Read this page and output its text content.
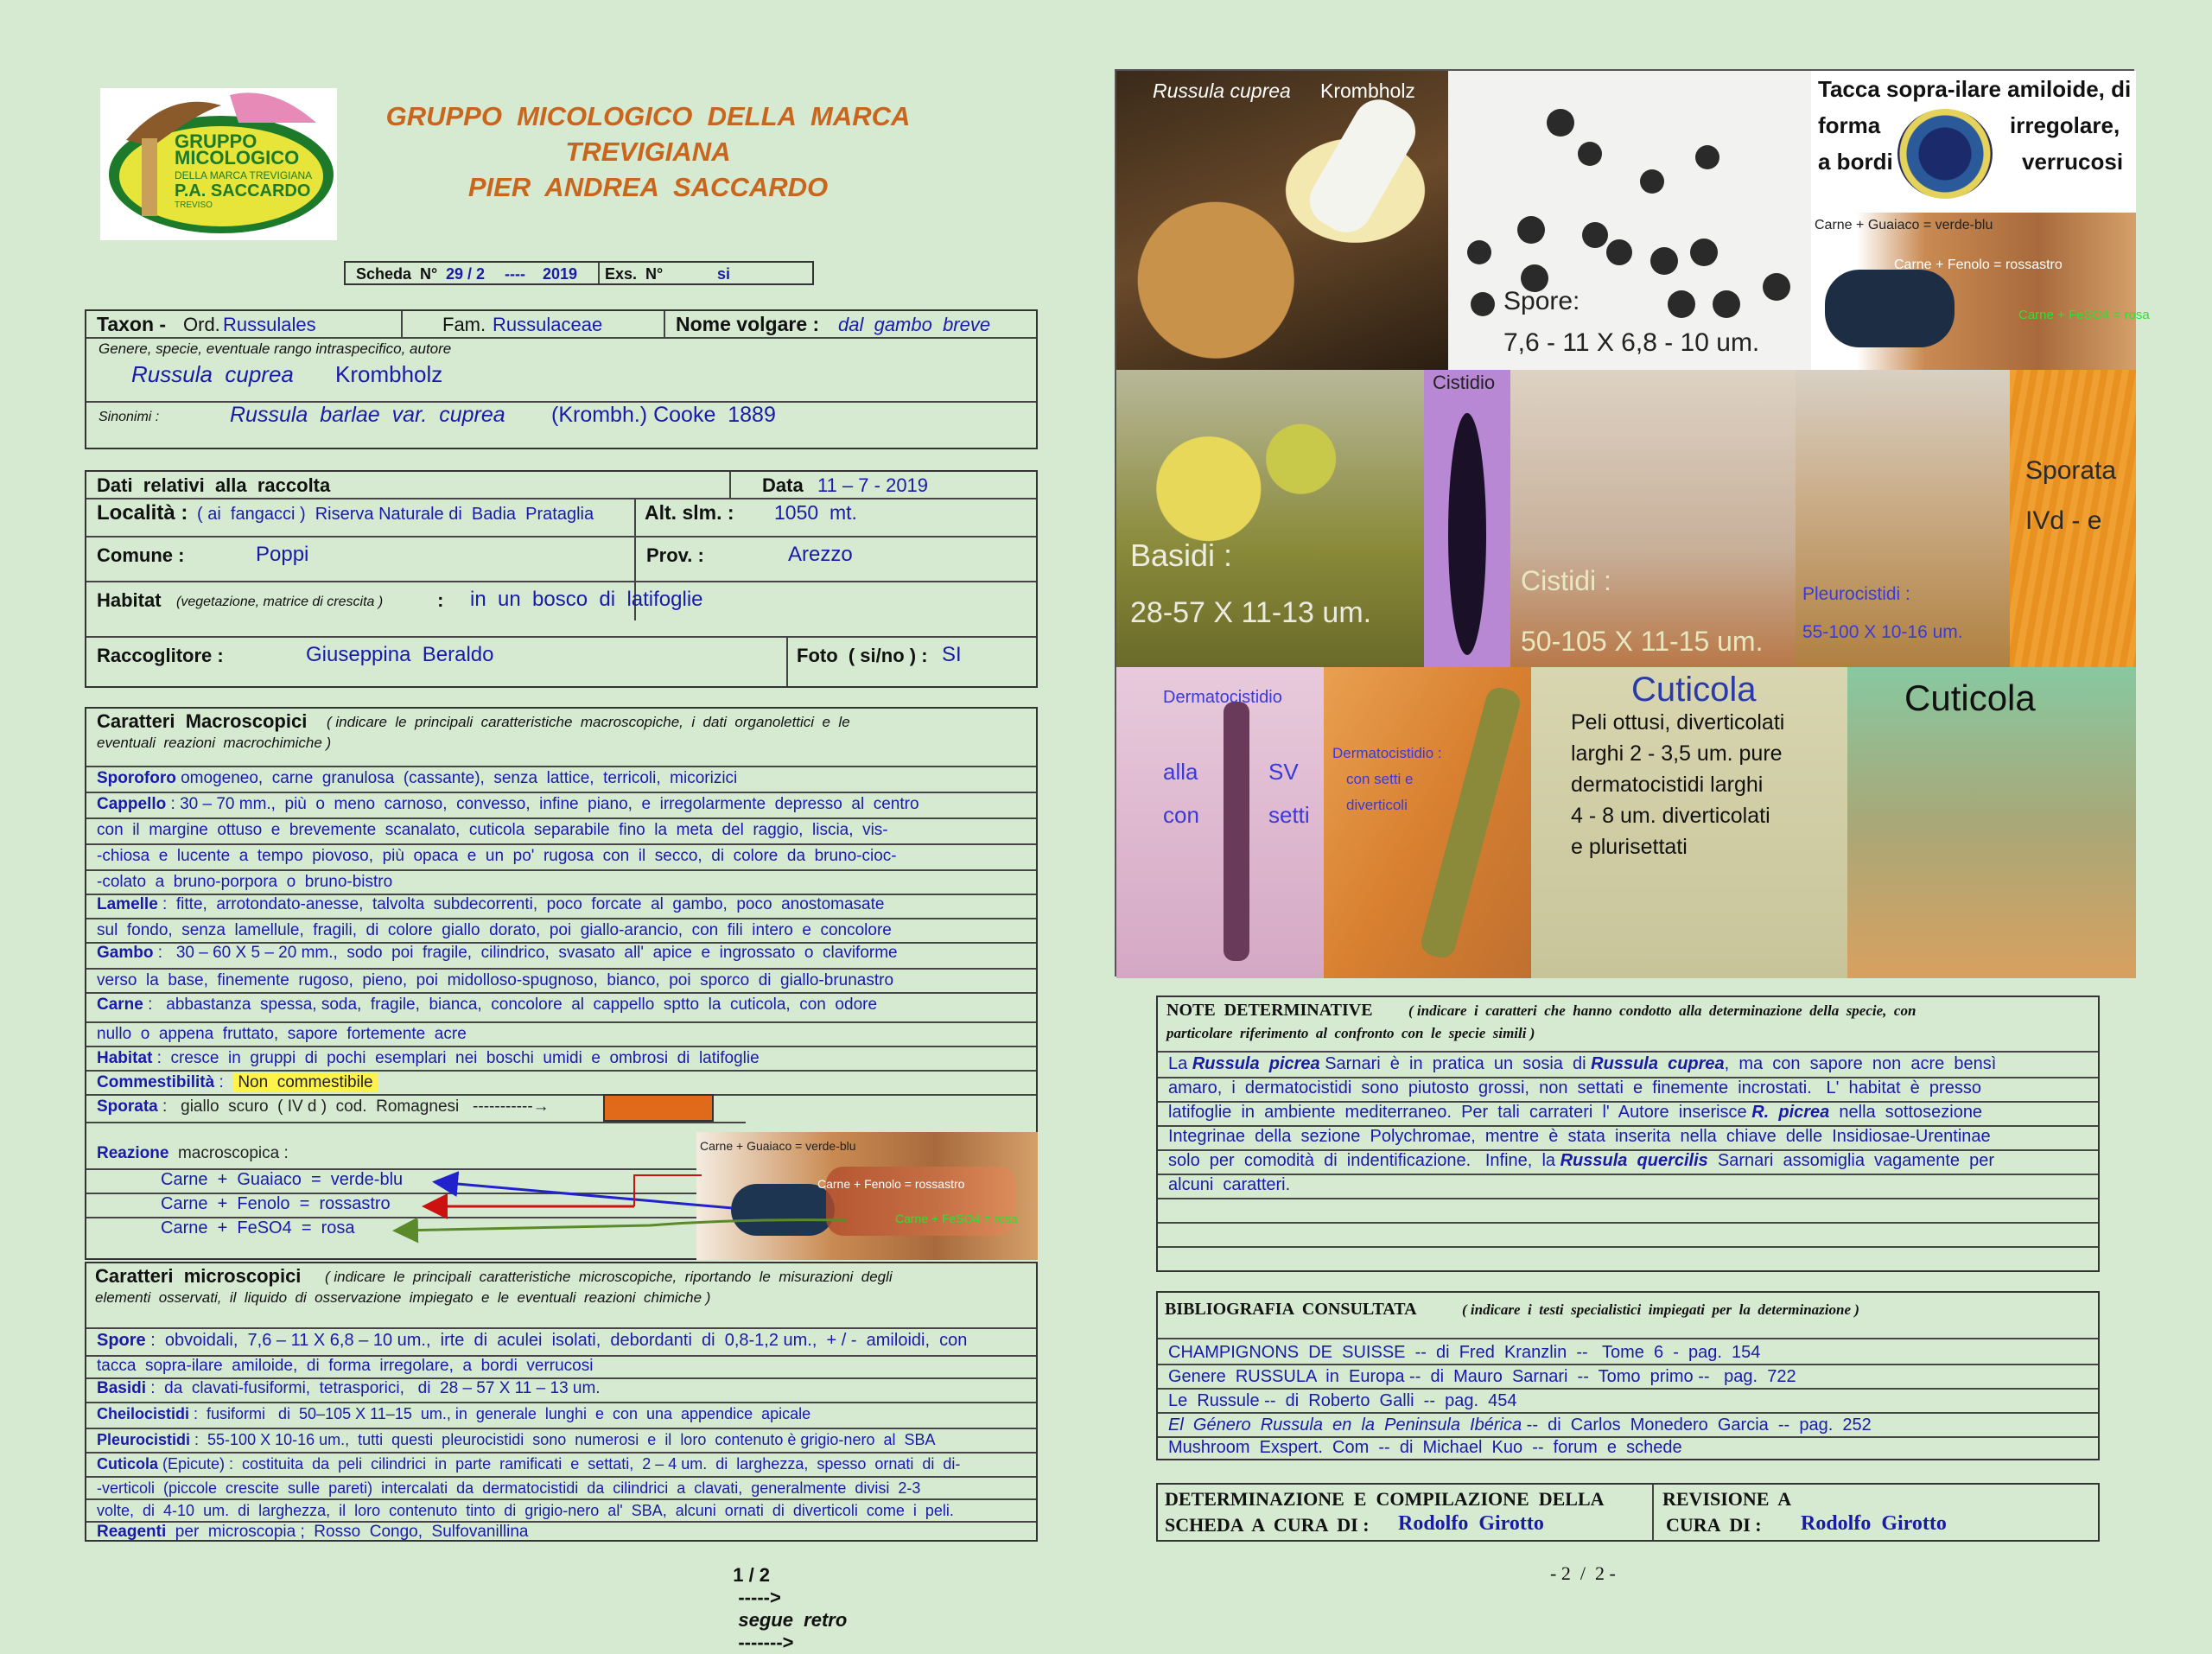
GRUPPO
MICOLOGICO
DELLA MARCA TREVIGIANA
P.A. SACCARDO
TREVISO
GRUPPO  MICOLOGICO  DELLA  MARCA
TREVIGIANA
PIER  ANDREA  SACCARDO
Scheda  N° 29 / 2 ---- 2019 Exs.  N°	si
Taxon - Ord. Russulales	Fam. Russulaceae	Nome volgare : dal  gambo  breve
Genere, specie, eventuale rango intraspecifico, autore
Russula  cuprea Krombholz
Sinonimi :	Russula  barlae  var.  cuprea (Krombh.) Cooke  1889
Dati  relativi  alla  raccolta	Data 11 – 7 - 2019
Località : ( ai  fangacci )  Riserva Naturale di  Badia  Prataglia	Alt. slm. : 1050  mt.
Comune :	Poppi	Prov. :	Arezzo
Habitat (vegetazione, matrice di crescita )	: in  un  bosco  di  latifoglie
Raccoglitore :	Giuseppina  Beraldo	Foto  ( si/no ) : SI
Caratteri  Macroscopici ( indicare  le  principali  caratteristiche  macroscopiche,  i  dati  organolettici  e  le
eventuali  reazioni  macrochimiche )
Sporoforo omogeneo,  carne  granulosa  (cassante),  senza  lattice,  terricoli,  micorizici
Cappello : 30 – 70 mm.,  più  o  meno  carnoso,  convesso,  infine  piano,  e  irregolarmente  depresso  al  centro
con  il  margine  ottuso  e  brevemente  scanalato,  cuticola  separabile  fino  la  meta  del  raggio,  liscia,  vis-
-chiosa  e  lucente  a  tempo  piovoso,  più  opaca  e  un  po'  rugosa  con  il  secco,  di  colore  da  bruno-cioc-
-colato  a  bruno-porpora  o  bruno-bistro
Lamelle :  fitte,  arrotondato-anesse,  talvolta  subdecorrenti,  poco  forcate  al  gambo,  poco  anostomasate
sul  fondo,  senza  lamellule,  fragili,  di  colore  giallo  dorato,  poi  giallo-arancio,  con  fili  intero  e  concolore
Gambo :   30 – 60 X 5 – 20 mm.,  sodo  poi  fragile,  cilindrico,  svasato  all'  apice  e  ingrossato  o  claviforme
verso  la  base,  finemente  rugoso,  pieno,  poi  midolloso-spugnoso,  bianco,  poi  sporco  di  giallo-brunastro
Carne :   abbastanza  spessa, soda,  fragile,  bianca,  concolore  al  cappello  sptto  la  cuticola,  con  odore
nullo  o  appena  fruttato,  sapore  fortemente  acre
Habitat :  cresce  in  gruppi  di  pochi  esemplari  nei  boschi  umidi  e  ombrosi  di  latifoglie
Commestibilità :  Non  commestibile
Sporata :   giallo  scuro  ( IV d )  cod.  Romagnesi   -----------→
Reazione  macroscopica :
Carne  +  Guaiaco  =  verde-blu
Carne  +  Fenolo  =  rossastro
Carne  +  FeSO4  =  rosa
Carne + Guaiaco = verde-blu
Carne + Fenolo = rossastro
Carne + FeSO4 = rosa
Caratteri  microscopici ( indicare  le  principali  caratteristiche  microscopiche,  riportando  le  misurazioni  degli
elementi  osservati,  il  liquido  di  osservazione  impiegato  e  le  eventuali  reazioni  chimiche )
Spore :  obvoidali,  7,6 – 11 X 6,8 – 10 um.,  irte  di  aculei  isolati,  debordanti  di  0,8-1,2 um.,  + / -  amiloidi,  con
tacca  sopra-ilare  amiloide,  di  forma  irregolare,  a  bordi  verrucosi
Basidi :  da  clavati-fusiformi,  tetrasporici,   di  28 – 57 X 11 – 13 um.
Cheilocistidi :  fusiformi   di  50–105 X 11–15  um., in  generale  lunghi  e  con  una  appendice  apicale
Pleurocistidi :  55-100 X 10-16 um.,  tutti  questi  pleurocistidi  sono  numerosi  e  il  loro  contenuto è grigio-nero  al  SBA
Cuticola (Epicute) :  costituita  da  peli  cilindrici  in  parte  ramificati  e  settati,  2 – 4 um.  di  larghezza,  spesso  ornati  di  di-
-verticoli  (piccole  crescite  sulle  pareti)  intercalati  da  dermatocistidi  da  cilindrici  a  clavati,  generalmente  divisi  2-3
volte,  di  4-10  um.  di  larghezza,  il  loro  contenuto  tinto  di  grigio-nero  al'  SBA,  alcuni  ornati  di  diverticoli  come  i  peli.
Reagenti  per  microscopia ;  Rosso  Congo,  Sulfovanillina

1 / 2
----->
segue  retro
------->

Russula cuprea Krombholz
Spore:
7,6 - 11 X 6,8 - 10 um.
Tacca sopra-ilare amiloide, di
forma	irregolare,
a bordi	verrucosi
Carne + Guaiaco = verde-blu
Carne + Fenolo = rossastro
Carne + FeSO4 = rosa
Basidi :
28-57 X 11-13 um.
Cistidio
Cistidi :
50-105 X 11-15 um.
Pleurocistidi :
55-100 X 10-16 um.
Sporata
IVd - e
Dermatocistidio
alla	SV
con	setti
Dermatocistidio :
con setti e
diverticoli
Cuticola
Peli ottusi, diverticolati
larghi 2 - 3,5 um. pure
dermatocistidi larghi
4 - 8 um. diverticolati
e plurisettati
Cuticola
NOTE  DETERMINATIVE ( indicare  i  caratteri  che  hanno  condotto  alla  determinazione  della  specie,  con
particolare  riferimento  al  confronto  con  le  specie  simili )
La Russula  picrea Sarnari  è  in  pratica  un  sosia  di Russula  cuprea,  ma  con  sapore  non  acre  bensì
amaro,  i  dermatocistidi  sono  piutosto  grossi,  non  settati  e  finemente  incrostati.   L'  habitat  è  presso
latifoglie  in  ambiente  mediterraneo.  Per  tali  carrateri  l'  Autore  inserisce R.  picrea  nella  sottosezione
Integrinae  della  sezione  Polychromae,  mentre  è  stata  inserita  nella  chiave  delle  Insidiosae-Urentinae
solo  per  comodità  di  indentificazione.   Infine,  la Russula  quercilis  Sarnari  assomiglia  vagamente  per
alcuni  caratteri.
BIBLIOGRAFIA  CONSULTATA	( indicare  i  testi  specialistici  impiegati  per  la  determinazione )
CHAMPIGNONS  DE  SUISSE  --  di  Fred  Kranzlin  --   Tome  6  -  pag.  154
Genere  RUSSULA  in  Europa --  di  Mauro  Sarnari  --  Tomo  primo --   pag.  722
Le  Russule --  di  Roberto  Galli  --  pag.  454
El  Género  Russula  en  la  Peninsula  Ibérica --  di  Carlos  Monedero  Garcia  --  pag.  252
Mushroom  Exspert.  Com  --  di  Michael  Kuo  --  forum  e  schede
DETERMINAZIONE  E  COMPILAZIONE  DELLA
SCHEDA  A  CURA  DI : Rodolfo  Girotto
REVISIONE  A
CURA  DI : Rodolfo  Girotto
- 2  /  2 -
